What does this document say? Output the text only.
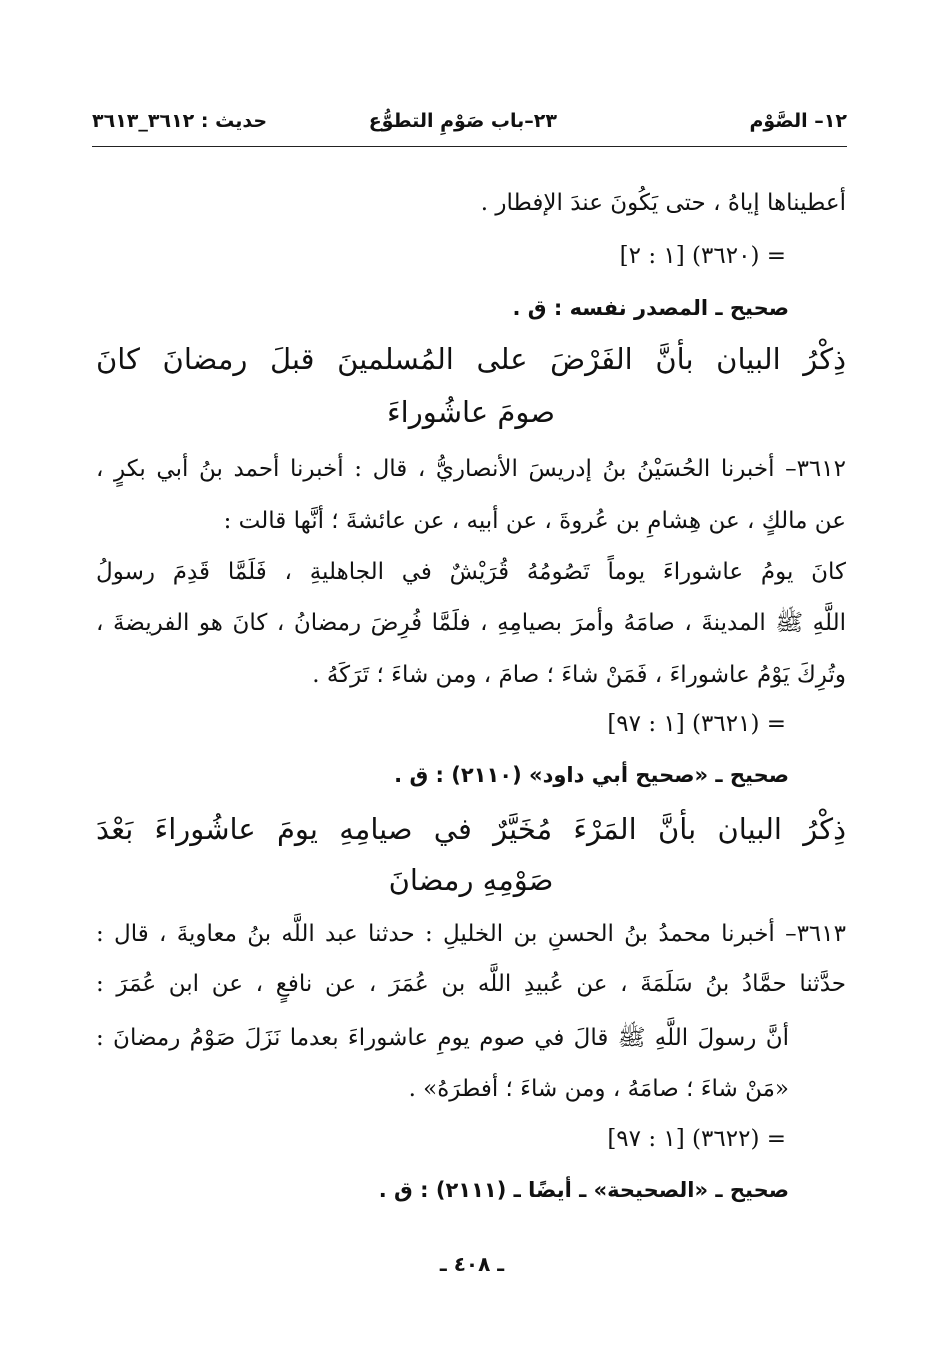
١٢– الصَّوْم
٢٣–باب صَوْمِ التطوُّع
حديث : ٣٦١٢_٣٦١٣
أعطيناها إياهُ ، حتى يَكُونَ عندَ الإفطار .
= (٣٦٢٠) [١ : ٢]
صحيح ـ المصدر نفسه : ق .
ذِكْرُ البيان بأنَّ الفَرْضَ على المُسلمينَ قبلَ رمضانَ كانَ
صومَ عاشُوراءَ
٣٦١٢– أخبرنا الحُسَيْنُ بنُ إدريسَ الأنصاريُّ ، قال : أخبرنا أحمد بنُ أبي بكرٍ ،
عن مالكٍ ، عن هِشامِ بن عُروةَ ، عن أبيه ، عن عائشةَ ؛ أنَّها قالت :
كانَ يومُ عاشوراءَ يوماً تَصُومُهُ قُرَيْشٌ في الجاهليةِ ، فَلَمَّا قَدِمَ رسولُ
اللَّهِ ﷺ المدينةَ ، صامَهُ وأمرَ بصيامِهِ ، فلَمَّا فُرِضَ رمضانُ ، كانَ هو الفريضةَ ،
وتُرِكَ يَوْمُ عاشوراءَ ، فَمَنْ شاءَ ؛ صامَ ، ومن شاءَ ؛ تَرَكَهُ .
= (٣٦٢١) [١ : ٩٧]
صحيح ـ «صحيح أبي داود» (٢١١٠) : ق .
ذِكْرُ البيان بأنَّ المَرْءَ مُخَيَّرٌ في صيامِهِ يومَ عاشُوراءَ بَعْدَ
صَوْمِهِ رمضانَ
٣٦١٣– أخبرنا محمدُ بنُ الحسنِ بن الخليلِ : حدثنا عبد اللَّه بنُ معاويةَ ، قال :
حدَّثنا حمَّادُ بنُ سَلَمَةَ ، عن عُبيدِ اللَّه بن عُمَرَ ، عن نافعٍ ، عن ابن عُمَرَ :
أنَّ رسولَ اللَّهِ ﷺ قالَ في صوم يومِ عاشوراءَ بعدما نَزَلَ صَوْمُ رمضانَ :
«مَنْ شاءَ ؛ صامَهُ ، ومن شاءَ ؛ أفطرَهُ» .
= (٣٦٢٢) [١ : ٩٧]
صحيح ـ «الصحيحة» ـ أيضًا ـ (٢١١١) : ق .
ـ ٤٠٨ ـ
